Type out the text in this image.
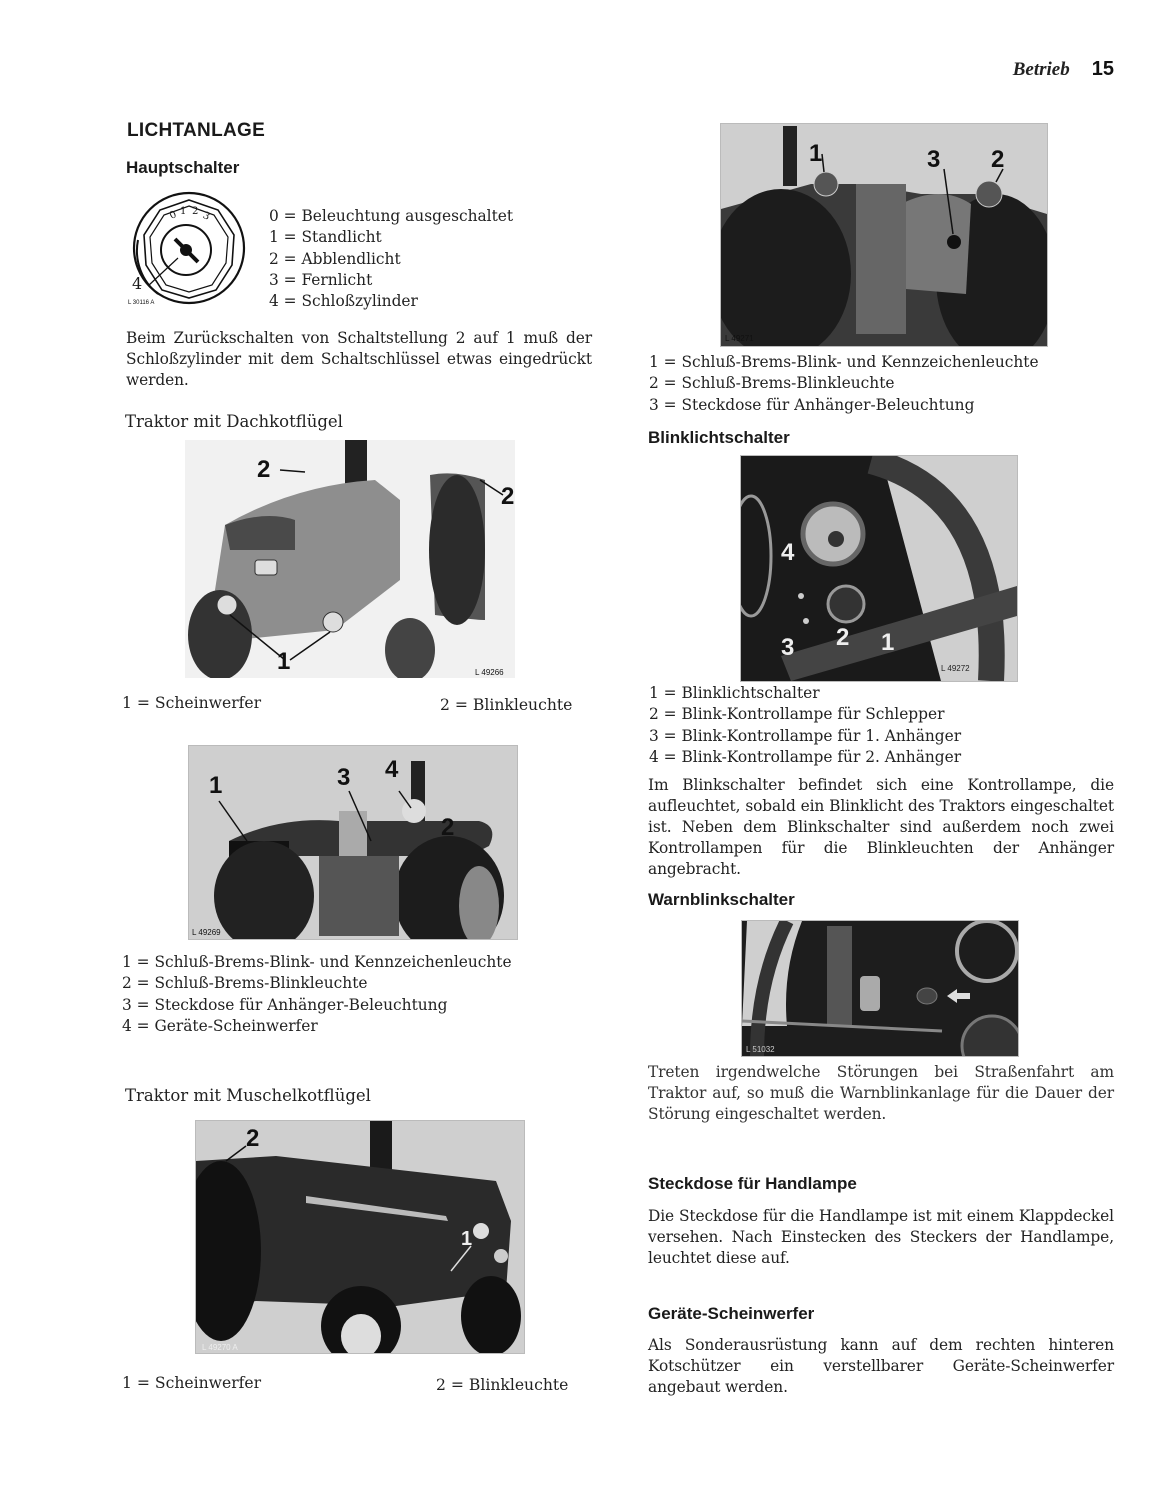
Betrieb 15
LICHTANLAGE
Hauptschalter
0 1 2 3
4
L 30116 A
0 = Beleuchtung ausgeschaltet
1 = Standlicht
2 = Abblendlicht
3 = Fernlicht
4 = Schloßzylinder

Beim Zurückschalten von Schaltstellung 2 auf 1 muß der Schloßzylinder mit dem Schaltschlüssel etwas eingedrückt werden.

Traktor mit Dachkotflügel
2
2
1	L 49266
1 = Scheinwerfer	2 = Blinkleuchte
1	3 4
2
L 49269
1 = Schluß-Brems-Blink- und Kennzeichenleuchte
2 = Schluß-Brems-Blinkleuchte
3 = Steckdose für Anhänger-Beleuchtung
4 = Geräte-Scheinwerfer
Traktor mit Muschelkotflügel
2
1
L 49270 A
1 = Scheinwerfer	2 = Blinkleuchte
1	3 2
L 49271
1 = Schluß-Brems-Blink- und Kennzeichenleuchte
2 = Schluß-Brems-Blinkleuchte
3 = Steckdose für Anhänger-Beleuchtung
Blinklichtschalter
4
3 2 1
L 49272
1 = Blinklichtschalter
2 = Blink-Kontrollampe für Schlepper
3 = Blink-Kontrollampe für 1. Anhänger
4 = Blink-Kontrollampe für 2. Anhänger

Im Blinkschalter befindet sich eine Kontrollampe, die aufleuchtet, sobald ein Blinklicht des Traktors eingeschaltet ist. Neben dem Blinkschalter sind außerdem noch zwei Kontrollampen für die Blinkleuchten der Anhänger angebracht.

Warnblinkschalter
L 51032

Treten irgendwelche Störungen bei Straßenfahrt am Traktor auf, so muß die Warnblinkanlage für die Dauer der Störung eingeschaltet werden.

Steckdose für Handlampe

Die Steckdose für die Handlampe ist mit einem Klappdeckel versehen. Nach Einstecken des Steckers der Handlampe, leuchtet diese auf.

Geräte-Scheinwerfer

Als Sonderausrüstung kann auf dem rechten hinteren Kotschützer ein verstellbarer Geräte-Scheinwerfer angebaut werden.
